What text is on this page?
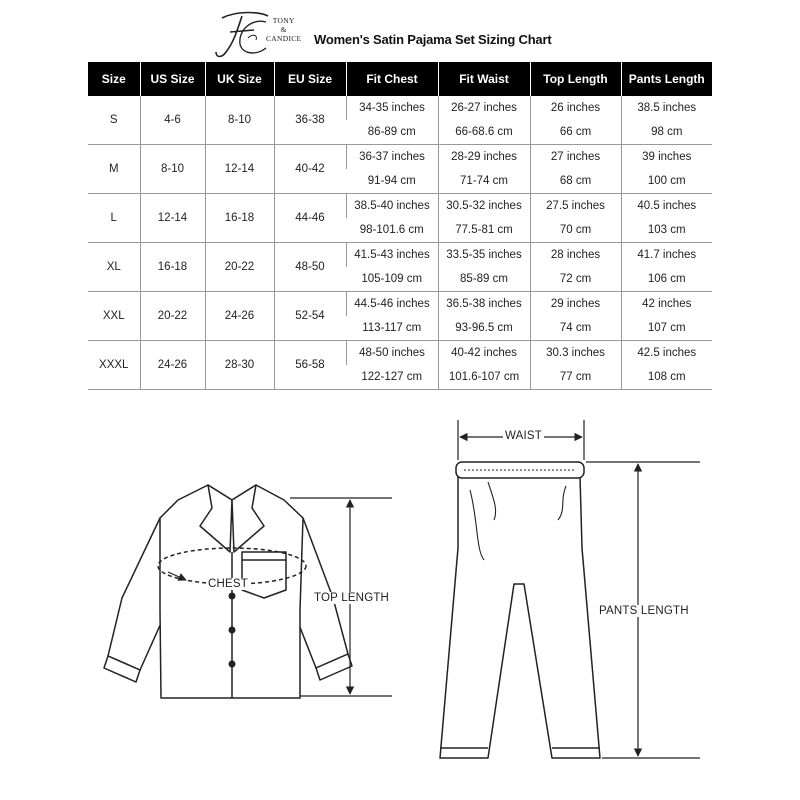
TONY
&
CANDICE Women's Satin Pajama Set Sizing Chart
Size	US Size	UK Size	EU Size	Fit Chest	Fit Waist	Top Length	Pants Length
S	4-6	8-10	36-38	34-35 inches	26-27 inches	26 inches	38.5 inches
				86-89 cm	66-68.6 cm	66 cm	98 cm
M	8-10	12-14	40-42	36-37 inches	28-29 inches	27 inches	39 inches
				91-94 cm	71-74 cm	68 cm	100 cm
L	12-14	16-18	44-46	38.5-40 inches	30.5-32 inches	27.5 inches	40.5 inches
				98-101.6 cm	77.5-81 cm	70 cm	103 cm
XL	16-18	20-22	48-50	41.5-43 inches	33.5-35 inches	28 inches	41.7 inches
				105-109 cm	85-89 cm	72 cm	106 cm
XXL	20-22	24-26	52-54	44.5-46 inches	36.5-38 inches	29 inches	42 inches
				113-117 cm	93-96.5 cm	74 cm	107 cm
XXXL	24-26	28-30	56-58	48-50 inches	40-42 inches	30.3 inches	42.5 inches
				122-127 cm	101.6-107 cm	77 cm	108 cm
CHEST
TOP LENGTH
WAIST
PANTS LENGTH
